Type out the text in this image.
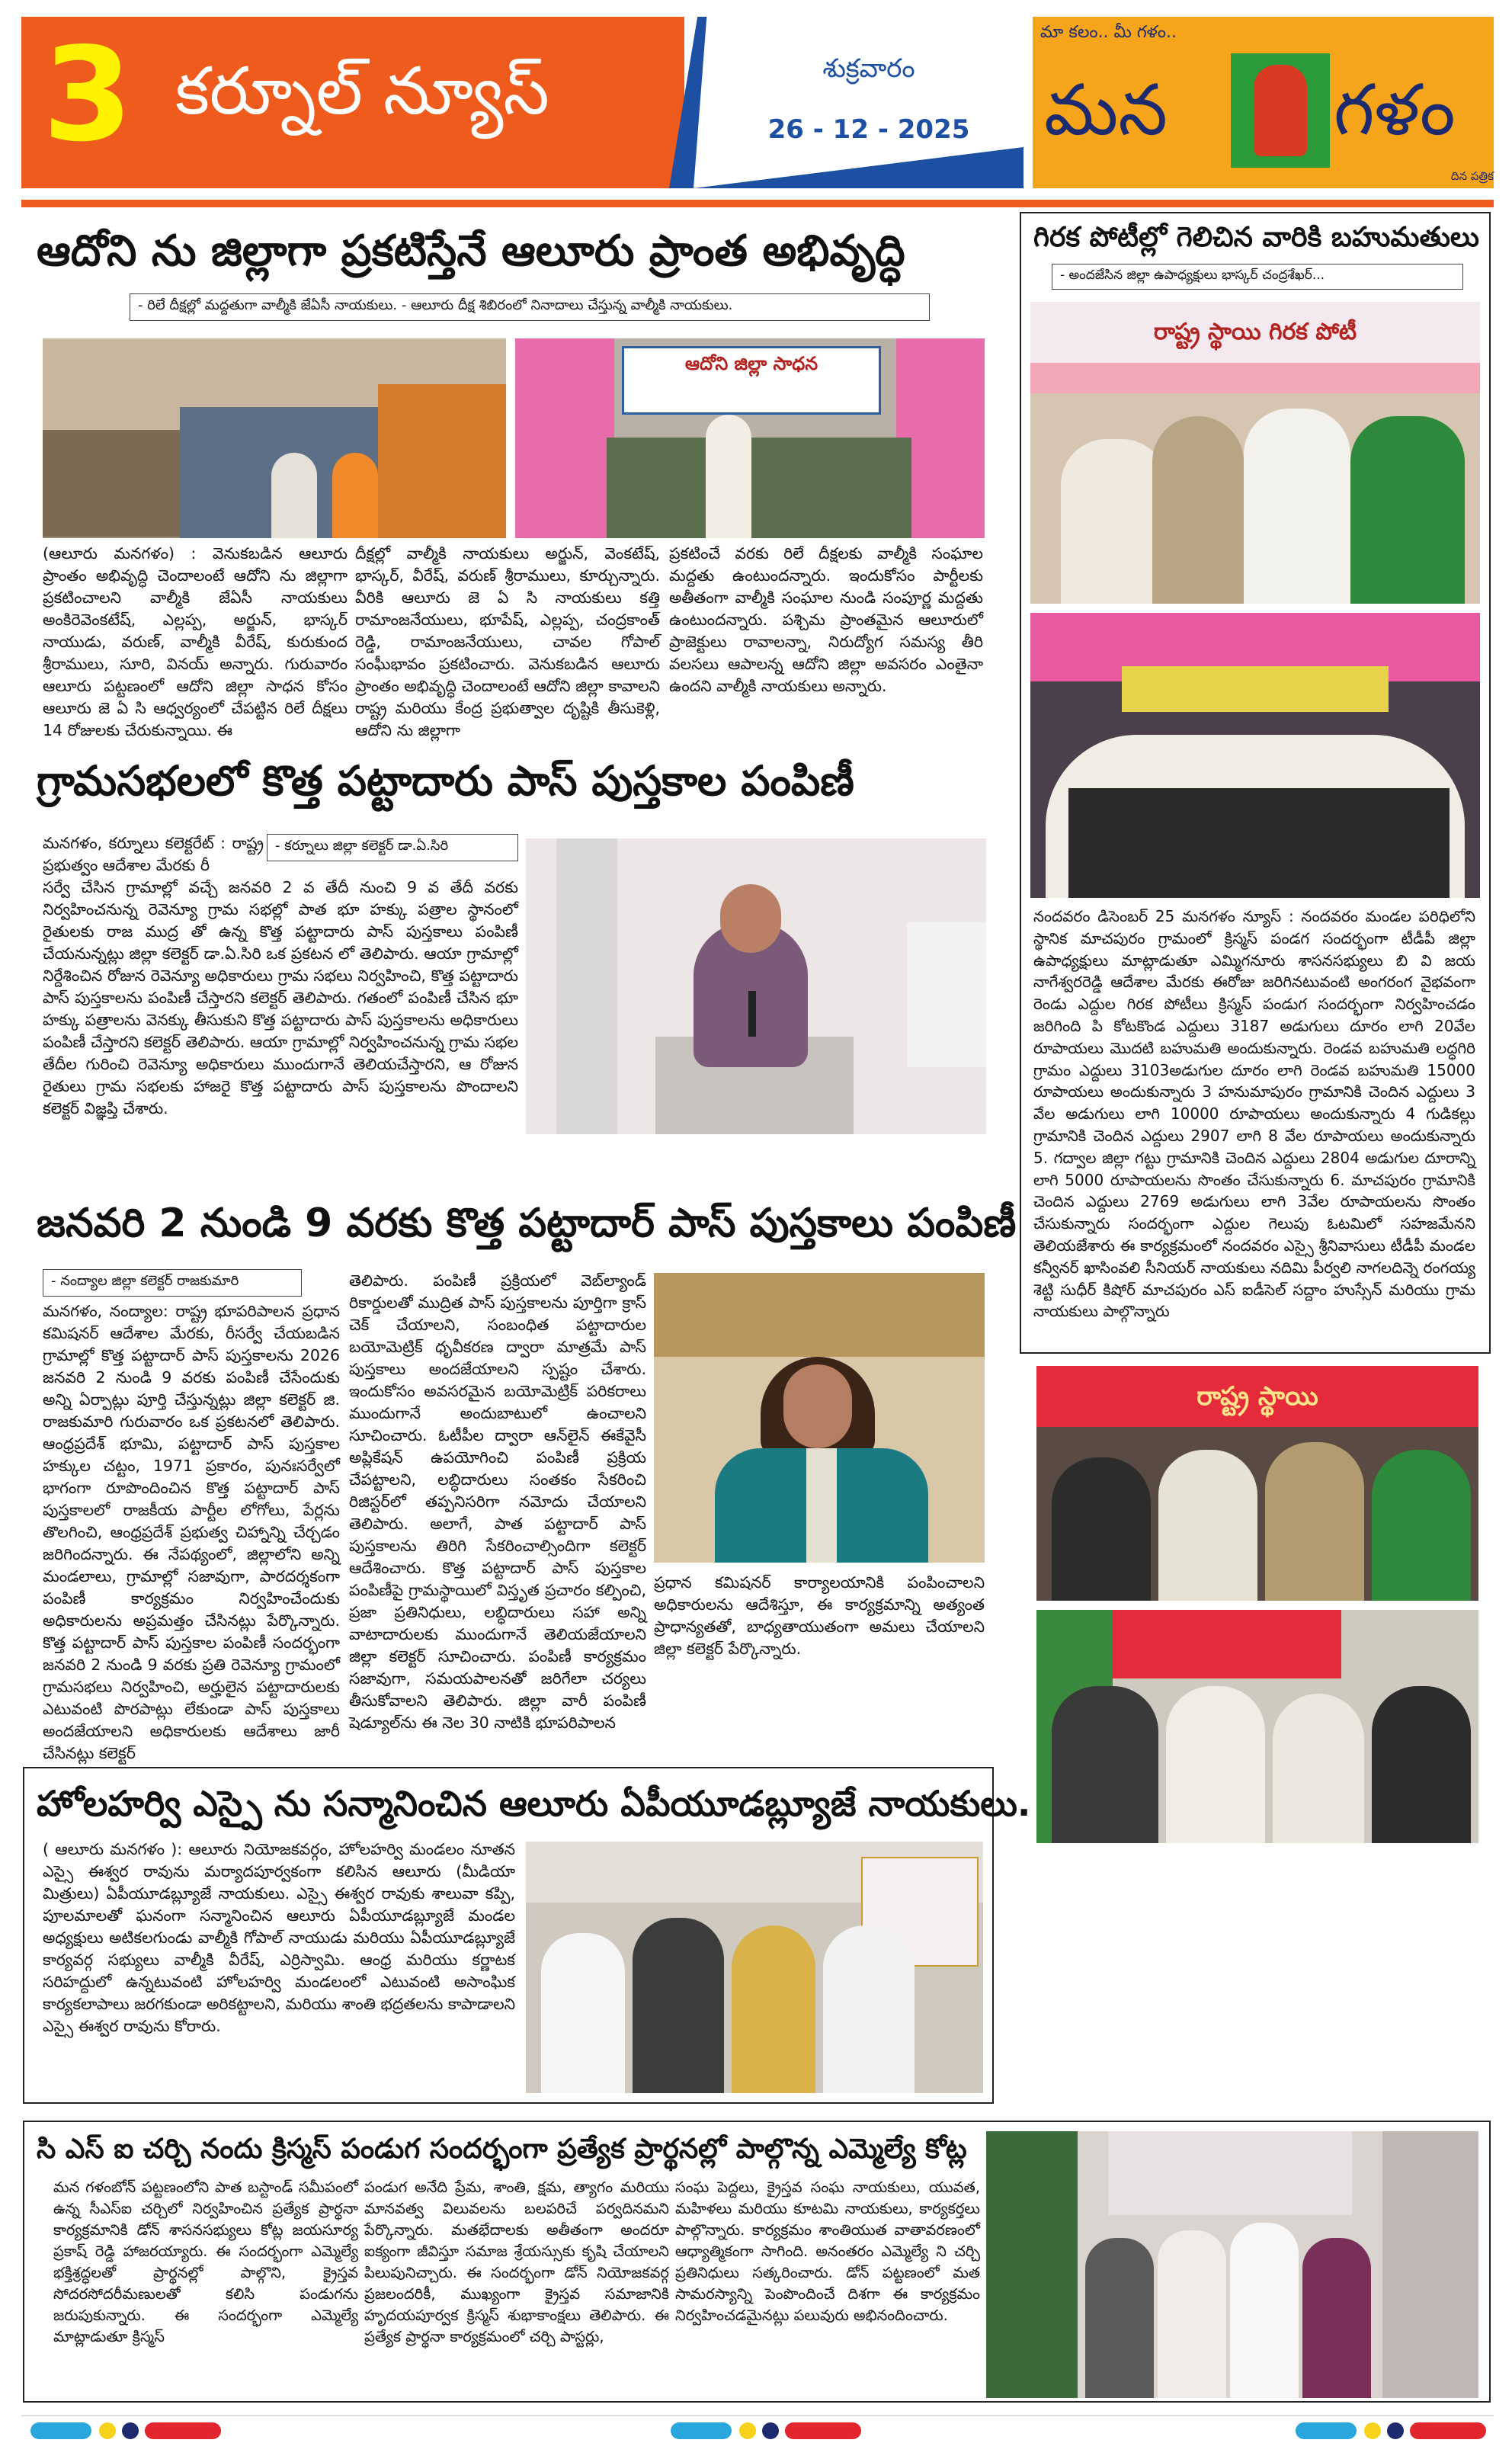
3 కర్నూల్ న్యూస్	శుక్రవారం
26 - 12 - 2025
మా కలం.. మీ గళం..
మన	గళం
దిన పత్రిక
ఆదోని ను జిల్లాగా ప్రకటిస్తేనే ఆలూరు ప్రాంత అభివృద్ధి
- రిలే దీక్షల్లో మద్దతుగా వాల్మీకి జేఏసీ నాయకులు. - ఆలూరు దీక్ష శిబిరంలో నినాదాలు చేస్తున్న వాల్మీకి నాయకులు.
ఆదోని జిల్లా సాధన
(ఆలూరు మనగళం) : వెనుకబడిన ఆలూరు ప్రాంతం అభివృద్ధి చెందాలంటే ఆదోని ను జిల్లాగా ప్రకటించాలని వాల్మీకి జేఏసీ నాయకులు అంకిరెవెంకటేష్, ఎల్లప్ప, అర్జున్, భాస్కర్ నాయుడు, వరుణ్, వాల్మీకి వీరేష్, కురుకుంద శ్రీరాములు, సూరి, వినయ్ అన్నారు. గురువారం ఆలూరు పట్టణంలో ఆదోని జిల్లా సాధన కోసం ఆలూరు జె ఏ సి ఆధ్వర్యంలో చేపట్టిన రిలే దీక్షలు 14 రోజులకు చేరుకున్నాయి. ఈ
దీక్షల్లో వాల్మీకి నాయకులు అర్జున్, వెంకటేష్, భాస్కర్, వీరేష్, వరుణ్ శ్రీరాములు, కూర్చున్నారు. వీరికి ఆలూరు జె ఏ సి నాయకులు కత్తి రామాంజనేయులు, భూపేష్, ఎల్లప్ప, చంద్రకాంత్ రెడ్డి, రామాంజనేయులు, చావల గోపాల్ సంఘీభావం ప్రకటించారు. వెనుకబడిన ఆలూరు ప్రాంతం అభివృద్ధి చెందాలంటే ఆదోని జిల్లా కావాలని రాష్ట్ర మరియు కేంద్ర ప్రభుత్వాల దృష్టికి తీసుకెళ్లి, ఆదోని ను జిల్లాగా
ప్రకటించే వరకు రిలే దీక్షలకు వాల్మీకి సంఘాల మద్దతు ఉంటుందన్నారు. ఇందుకోసం పార్టీలకు అతీతంగా వాల్మీకి సంఘాల నుండి సంపూర్ణ మద్దతు ఉంటుందన్నారు. పశ్చిమ ప్రాంతమైన ఆలూరులో ప్రాజెక్టులు రావాలన్నా, నిరుద్యోగ సమస్య తీరి వలసలు ఆపాలన్న ఆదోని జిల్లా అవసరం ఎంతైనా ఉందని వాల్మీకి నాయకులు అన్నారు.
గ్రామసభలలో కొత్త పట్టాదారు పాస్ పుస్తకాల పంపిణీ
మనగళం, కర్నూలు కలెక్టరేట్ : రాష్ట్ర ప్రభుత్వం ఆదేశాల మేరకు రీ
- కర్నూలు జిల్లా కలెక్టర్ డా.ఏ.సిరి
సర్వే చేసిన గ్రామాల్లో వచ్చే జనవరి 2 వ తేదీ నుంచి 9 వ తేదీ వరకు నిర్వహించనున్న రెవెన్యూ గ్రామ సభల్లో పాత భూ హక్కు పత్రాల స్థానంలో రైతులకు రాజ ముద్ర తో ఉన్న కొత్త పట్టాదారు పాస్ పుస్తకాలు పంపిణీ చేయనున్నట్లు జిల్లా కలెక్టర్ డా.ఏ.సిరి ఒక ప్రకటన లో తెలిపారు. ఆయా గ్రామాల్లో నిర్దేశించిన రోజున రెవెన్యూ అధికారులు గ్రామ సభలు నిర్వహించి, కొత్త పట్టాదారు పాస్ పుస్తకాలను పంపిణీ చేస్తారని కలెక్టర్ తెలిపారు. గతంలో పంపిణీ చేసిన భూ హక్కు పత్రాలను వెనక్కు తీసుకుని కొత్త పట్టాదారు పాస్ పుస్తకాలను అధికారులు పంపిణీ చేస్తారని కలెక్టర్ తెలిపారు. ఆయా గ్రామాల్లో నిర్వహించనున్న గ్రామ సభల తేదీల గురించి రెవెన్యూ అధికారులు ముందుగానే తెలియచేస్తారని, ఆ రోజున రైతులు గ్రామ సభలకు హాజరై కొత్త పట్టాదారు పాస్ పుస్తకాలను పొందాలని కలెక్టర్ విజ్ఞప్తి చేశారు.
జనవరి 2 నుండి 9 వరకు కొత్త పట్టాదార్ పాస్ పుస్తకాలు పంపిణీ
- నంద్యాల జిల్లా కలెక్టర్ రాజకుమారి
మనగళం, నంద్యాల: రాష్ట్ర భూపరిపాలన ప్రధాన కమిషనర్ ఆదేశాల మేరకు, రీసర్వే చేయబడిన గ్రామాల్లో కొత్త పట్టాదార్ పాస్ పుస్తకాలను 2026 జనవరి 2 నుండి 9 వరకు పంపిణీ చేసేందుకు అన్ని ఏర్పాట్లు పూర్తి చేస్తున్నట్లు జిల్లా కలెక్టర్ జి. రాజకుమారి గురువారం ఒక ప్రకటనలో తెలిపారు. ఆంధ్రప్రదేశ్ భూమి, పట్టాదార్ పాస్ పుస్తకాల హక్కుల చట్టం, 1971 ప్రకారం, పునఃసర్వేలో భాగంగా రూపొందించిన కొత్త పట్టాదార్ పాస్ పుస్తకాలలో రాజకీయ పార్టీల లోగోలు, పేర్లను తొలగించి, ఆంధ్రప్రదేశ్ ప్రభుత్వ చిహ్నాన్ని చేర్చడం జరిగిందన్నారు. ఈ నేపథ్యంలో, జిల్లాలోని అన్ని మండలాలు, గ్రామాల్లో సజావుగా, పారదర్శకంగా పంపిణీ కార్యక్రమం నిర్వహించేందుకు అధికారులను అప్రమత్తం చేసినట్లు పేర్కొన్నారు. కొత్త పట్టాదార్ పాస్ పుస్తకాల పంపిణీ సందర్భంగా జనవరి 2 నుండి 9 వరకు ప్రతి రెవెన్యూ గ్రామంలో గ్రామసభలు నిర్వహించి, అర్హులైన పట్టాదారులకు ఎటువంటి పొరపాట్లు లేకుండా పాస్ పుస్తకాలు అందజేయాలని అధికారులకు ఆదేశాలు జారీ చేసినట్లు కలెక్టర్
తెలిపారు. పంపిణీ ప్రక్రియలో వెబ్‌ల్యాండ్ రికార్డులతో ముద్రిత పాస్ పుస్తకాలను పూర్తిగా క్రాస్ చెక్ చేయాలని, సంబంధిత పట్టాదారుల బయోమెట్రిక్ ధృవీకరణ ద్వారా మాత్రమే పాస్ పుస్తకాలు అందజేయాలని స్పష్టం చేశారు. ఇందుకోసం అవసరమైన బయోమెట్రిక్ పరికరాలు ముందుగానే అందుబాటులో ఉంచాలని సూచించారు. ఓటీపీల ద్వారా ఆన్‌లైన్ ఈకేవైసీ అప్లికేషన్ ఉపయోగించి పంపిణీ ప్రక్రియ చేపట్టాలని, లబ్ధిదారులు సంతకం సేకరించి రిజిస్టర్‌లో తప్పనిసరిగా నమోదు చేయాలని తెలిపారు. అలాగే, పాత పట్టాదార్ పాస్ పుస్తకాలను తిరిగి సేకరించాల్సిందిగా కలెక్టర్ ఆదేశించారు. కొత్త పట్టాదార్ పాస్ పుస్తకాల పంపిణీపై గ్రామస్థాయిలో విస్తృత ప్రచారం కల్పించి, ప్రజా ప్రతినిధులు, లబ్ధిదారులు సహా అన్ని వాటాదారులకు ముందుగానే తెలియజేయాలని జిల్లా కలెక్టర్ సూచించారు. పంపిణీ కార్యక్రమం సజావుగా, సమయపాలనతో జరిగేలా చర్యలు తీసుకోవాలని తెలిపారు. జిల్లా వారీ పంపిణీ షెడ్యూల్‌ను ఈ నెల 30 నాటికి భూపరిపాలన
ప్రధాన కమిషనర్ కార్యాలయానికి పంపించాలని అధికారులను ఆదేశిస్తూ, ఈ కార్యక్రమాన్ని అత్యంత ప్రాధాన్యతతో, బాధ్యతాయుతంగా అమలు చేయాలని జిల్లా కలెక్టర్ పేర్కొన్నారు.
హోలహర్వి ఎస్పై ను సన్మానించిన ఆలూరు ఏపీయూడబ్ల్యూజే నాయకులు.
( ఆలూరు మనగళం ): ఆలూరు నియోజకవర్గం, హోలహర్వి మండలం నూతన ఎస్సై ఈశ్వర రావును మర్యాదపూర్వకంగా కలిసిన ఆలూరు (మీడియా మిత్రులు) ఏపీయూడబ్ల్యూజే నాయకులు. ఎస్సై ఈశ్వర రావుకు శాలువా కప్పి, పూలమాలతో ఘనంగా సన్మానించిన ఆలూరు ఏపీయూడబ్ల్యూజే మండల అధ్యక్షులు అటికలగుండు వాల్మీకి గోపాల్ నాయుడు మరియు ఏపీయూడబ్ల్యూజే కార్యవర్గ సభ్యులు వాల్మీకి వీరేష్, ఎర్రిస్వామి. ఆంధ్ర మరియు కర్ణాటక సరిహద్దులో ఉన్నటువంటి హోలహర్వి మండలంలో ఎటువంటి అసాంఘిక కార్యకలాపాలు జరగకుండా అరికట్టాలని, మరియు శాంతి భద్రతలను కాపాడాలని ఎస్సై ఈశ్వర రావును కోరారు.
సి ఎస్ ఐ చర్చి నందు క్రిస్మస్ పండుగ సందర్భంగా ప్రత్యేక ప్రార్థనల్లో పాల్గొన్న ఎమ్మెల్యే కోట్ల
మన గళంబోన్ పట్టణంలోని పాత బస్టాండ్ సమీపంలో ఉన్న సీఎస్ఐ చర్చిలో నిర్వహించిన ప్రత్యేక ప్రార్థనా కార్యక్రమానికి డోన్ శాసనసభ్యులు కోట్ల జయసూర్య ప్రకాష్ రెడ్డి హాజరయ్యారు. ఈ సందర్భంగా ఎమ్మెల్యే భక్తిశ్రద్ధలతో ప్రార్థనల్లో పాల్గొని, క్రైస్తవ సోదరసోదరీమణులతో కలిసి పండుగను జరుపుకున్నారు. ఈ సందర్భంగా ఎమ్మెల్యే మాట్లాడుతూ క్రిస్మస్
పండుగ అనేది ప్రేమ, శాంతి, క్షమ, త్యాగం మరియు మానవత్వ విలువలను బలపరిచే పర్వదినమని పేర్కొన్నారు. మతభేదాలకు అతీతంగా అందరూ ఐక్యంగా జీవిస్తూ సమాజ శ్రేయస్సుకు కృషి చేయాలని పిలుపునిచ్చారు. ఈ సందర్భంగా డోన్ నియోజకవర్గ ప్రజలందరికీ, ముఖ్యంగా క్రైస్తవ సమాజానికి హృదయపూర్వక క్రిస్మస్ శుభాకాంక్షలు తెలిపారు. ఈ ప్రత్యేక ప్రార్థనా కార్యక్రమంలో చర్చి పాస్టర్లు,
సంఘ పెద్దలు, క్రైస్తవ సంఘ నాయకులు, యువత, మహిళలు మరియు కూటమి నాయకులు, కార్యకర్తలు పాల్గొన్నారు. కార్యక్రమం శాంతియుత వాతావరణంలో ఆధ్యాత్మికంగా సాగింది. అనంతరం ఎమ్మెల్యే ని చర్చి ప్రతినిధులు సత్కరించారు. డోన్ పట్టణంలో మత సామరస్యాన్ని పెంపొందించే దిశగా ఈ కార్యక్రమం నిర్వహించడమైనట్లు పలువురు అభినందించారు.
గిరక పోటీల్లో గెలిచిన వారికి బహుమతులు
- అందజేసిన జిల్లా ఉపాధ్యక్షులు భాస్కర్ చంద్రశేఖర్...
రాష్ట్ర స్థాయి గిరక పోటీ
నందవరం డిసెంబర్ 25 మనగళం న్యూస్ : నందవరం మండల పరిధిలోని స్థానిక మాచపురం గ్రామంలో క్రిస్మస్ పండగ సందర్భంగా టీడీపీ జిల్లా ఉపాధ్యక్షులు మాట్లాడుతూ ఎమ్మిగనూరు శాసనసభ్యులు బి వి జయ నాగేశ్వరరెడ్డి ఆదేశాల మేరకు ఈరోజు జరిగినటువంటి అంగరంగ వైభవంగా రెండు ఎద్దుల గిరక పోటీలు క్రిస్మస్ పండుగ సందర్భంగా నిర్వహించడం జరిగింది పి కోటకొండ ఎద్దులు 3187 అడుగులు దూరం లాగి 20వేల రూపాయలు మొదటి బహుమతి అందుకున్నారు. రెండవ బహుమతి లద్ధగిరి గ్రామం ఎద్దులు 3103అడుగుల దూరం లాగి రెండవ బహుమతి 15000 రూపాయలు అందుకున్నారు 3 హనుమాపురం గ్రామానికి చెందిన ఎద్దులు 3 వేల అడుగులు లాగి 10000 రూపాయలు అందుకున్నారు 4 గుడికల్లు గ్రామానికి చెందిన ఎద్దులు 2907 లాగి 8 వేల రూపాయలు అందుకున్నారు 5. గద్వాల జిల్లా గట్టు గ్రామానికి చెందిన ఎద్దులు 2804 అడుగుల దూరాన్ని లాగి 5000 రూపాయలను సొంతం చేసుకున్నారు 6. మాచపురం గ్రామానికి చెందిన ఎద్దులు 2769 అడుగులు లాగి 3వేల రూపాయలను సొంతం చేసుకున్నారు సందర్భంగా ఎద్దుల గెలుపు ఓటమిలో సహజమేనని తెలియజేశారు ఈ కార్యక్రమంలో నందవరం ఎస్సై శ్రీనివాసులు టీడీపీ మండల కన్వీనర్ ఖాసింవలి సీనియర్ నాయకులు నదిమి పీర్వలి నాగలదిన్నె రంగయ్య శెట్టి సుధీర్ కిషోర్ మాచపురం ఎస్ ఐడీసెల్ సద్దాం హుస్సేన్ మరియు గ్రామ నాయకులు పాల్గొన్నారు
రాష్ట్ర స్థాయి
